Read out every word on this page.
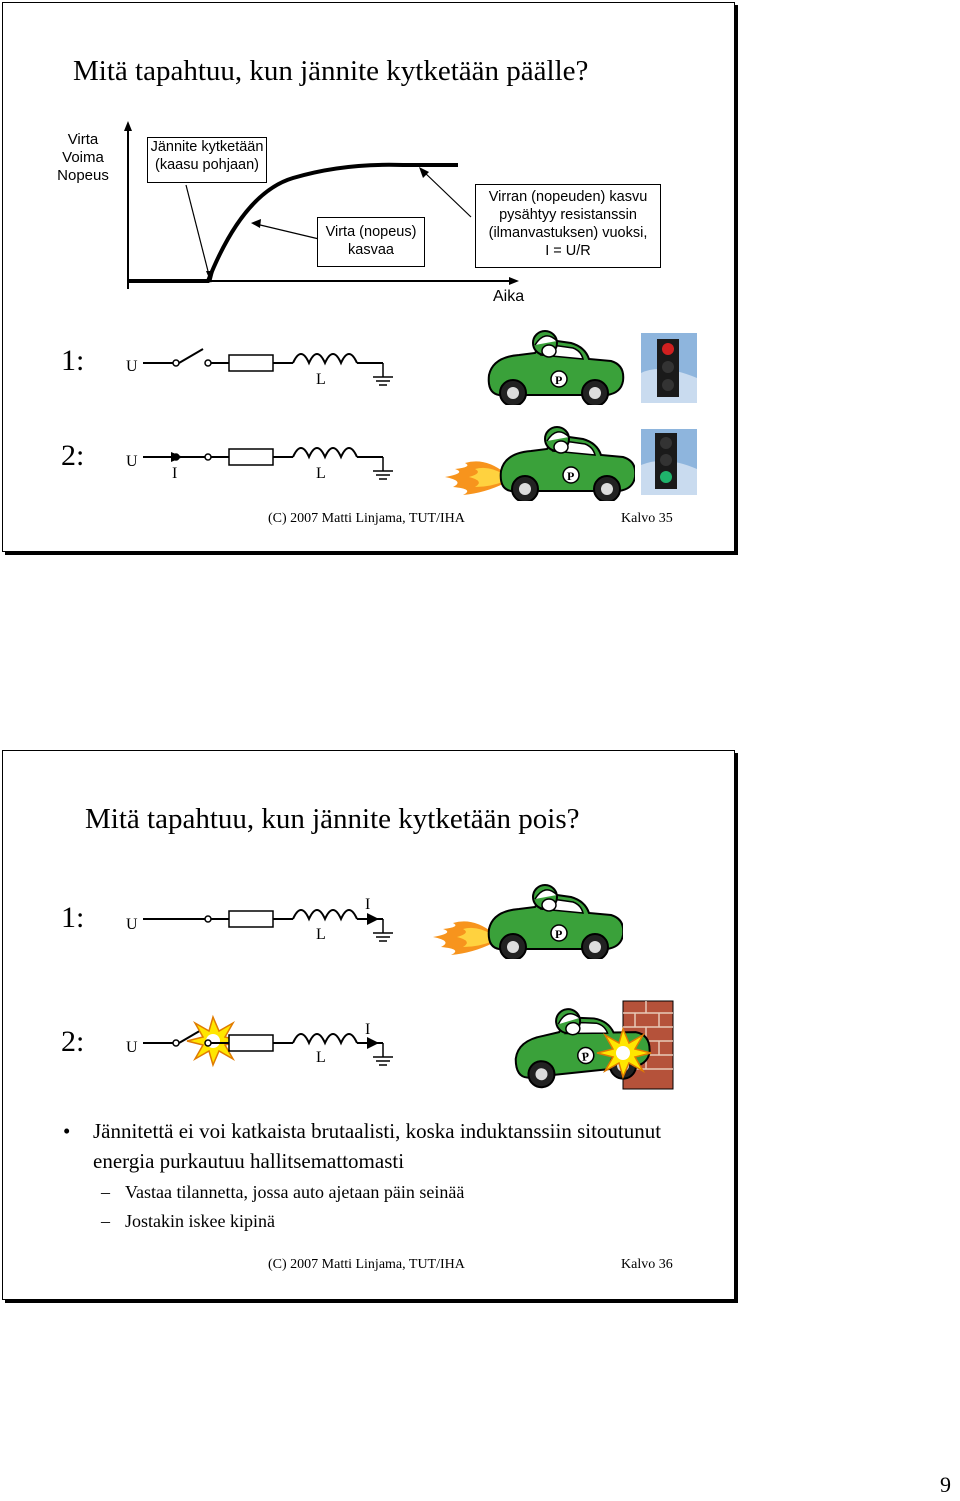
Mitä tapahtuu, kun jännite kytketään päälle?
Virta
Voima
Nopeus
Jännite kytketään
(kaasu pohjaan)
Virta (nopeus)
kasvaa
Virran (nopeuden) kasvu
pysähtyy resistanssin
(ilmanvastuksen) vuoksi,
I = U/R
Aika
1:	U
L
2:	U
I	L
(C) 2007 Matti Linjama, TUT/IHA	Kalvo 35
Mitä tapahtuu, kun jännite kytketään pois?
1:	U
L
I
2:	U
L
I
• Jännitettä ei voi katkaista brutaalisti, koska induktanssiin sitoutunut energia purkautuu hallitsemattomasti
– Vastaa tilannetta, jossa auto ajetaan päin seinää
– Jostakin iskee kipinä
(C) 2007 Matti Linjama, TUT/IHA	Kalvo 36
9
